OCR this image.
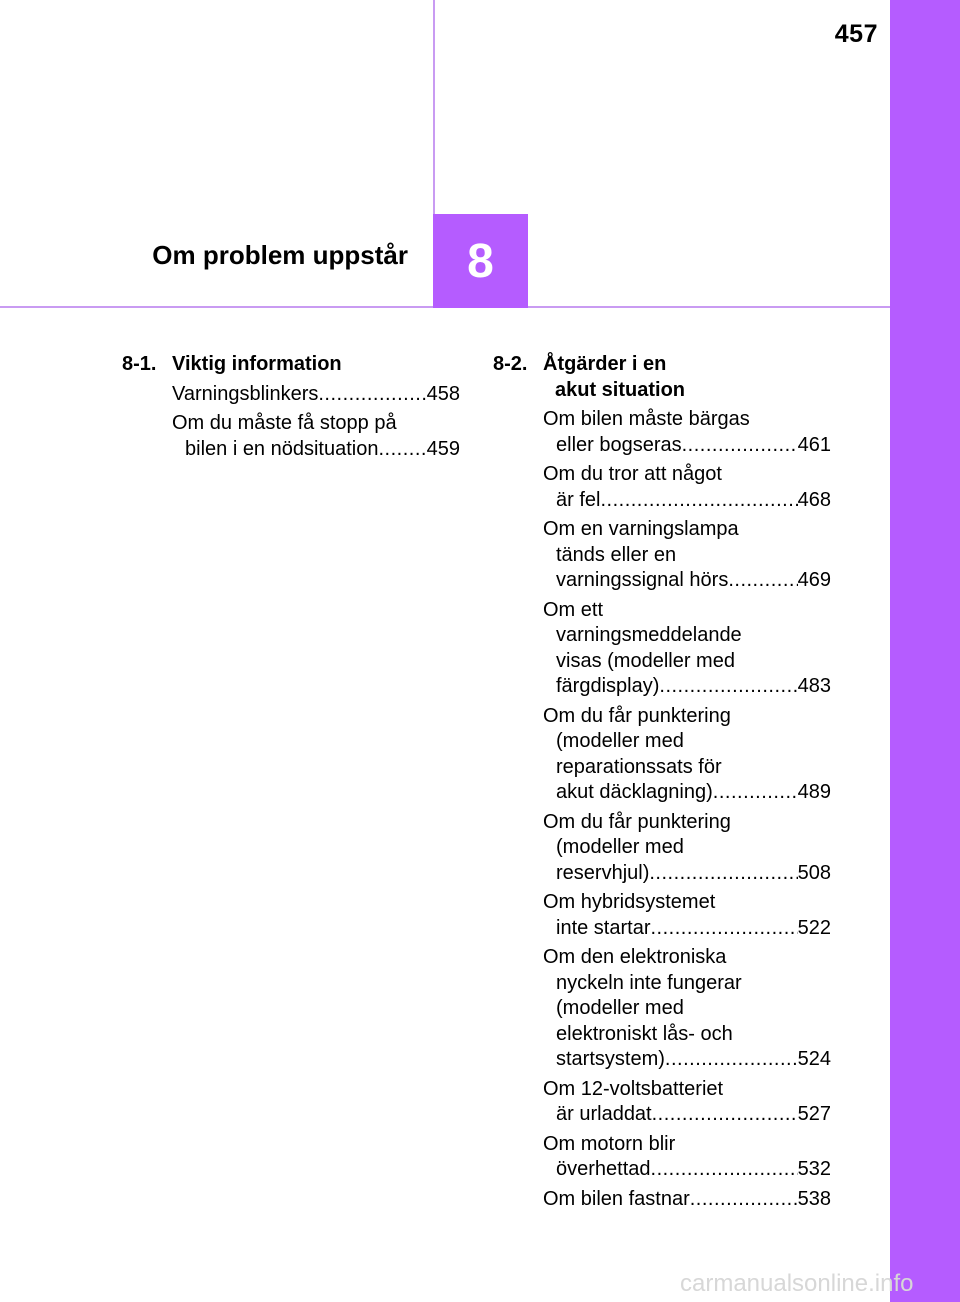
457
8
Om problem uppstår
8-1. Viktig information
Varningsblinkers .....	458
Om du måste få stopp på
bilen i en nödsituation ..... 459
8-2. Åtgärder i en
akut situation
Om bilen måste bärgas
eller bogseras .....	461
Om du tror att något
är fel .....	468
Om en varningslampa
tänds eller en
varningssignal hörs .....	469
Om ett
varningsmeddelande
visas (modeller med
färgdisplay) .....	483
Om du får punktering
(modeller med
reparationssats för
akut däcklagning) .....	489
Om du får punktering
(modeller med
reservhjul) .....	508
Om hybridsystemet
inte startar .....	522
Om den elektroniska
nyckeln inte fungerar
(modeller med
elektroniskt lås- och
startsystem) .....	524
Om 12-voltsbatteriet
är urladdat .....	527
Om motorn blir
överhettad .....	532
Om bilen fastnar .....	538
carmanualsonline.info
